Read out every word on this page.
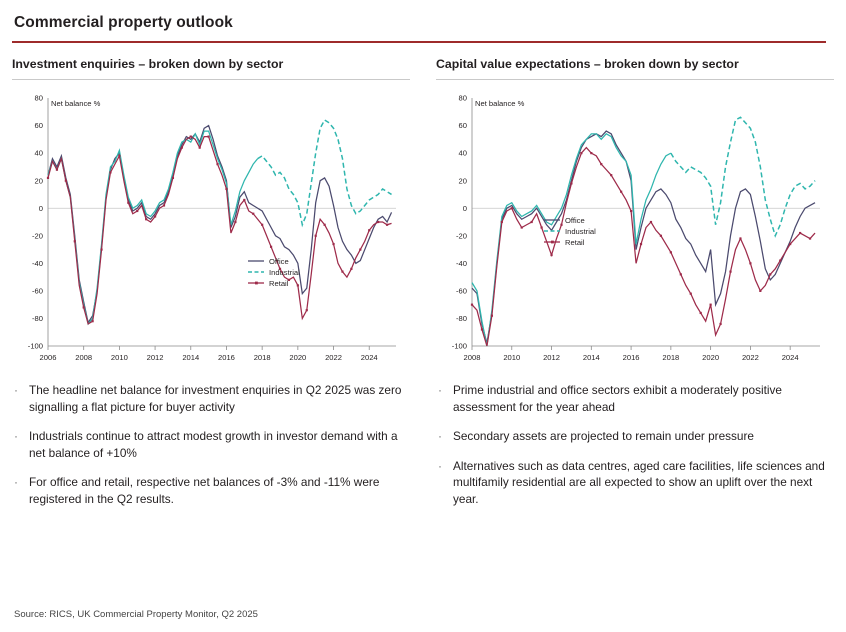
Commercial property outlook
Investment enquiries – broken down by sector
-100
-80
-60
-40
-20
0
20
40
60
80
Net balance %
2006 2008 2010 2012 2014 2016 2018 2020 2022 2024
Office
Industrial
Retail
· The headline net balance for investment enquiries in Q2 2025 was zero signalling a flat picture for buyer activity
· Industrials continue to attract modest growth in investor demand with a net balance of +10%
· For office and retail, respective net balances of -3% and -11% were registered in the Q2 results.
Capital value expectations – broken down by sector
-100
-80
-60
-40
-20
0
20
40
60
80
Net balance %
2008	2010	2012	2014	2016	2018	2020	2022	2024
Office
Industrial
Retail
· Prime industrial and office sectors exhibit a moderately positive assessment for the year ahead
· Secondary assets are projected to remain under pressure
· Alternatives such as data centres, aged care facilities, life sciences and multifamily residential are all expected to show an uplift over the next year.
Source: RICS, UK Commercial Property Monitor, Q2 2025
